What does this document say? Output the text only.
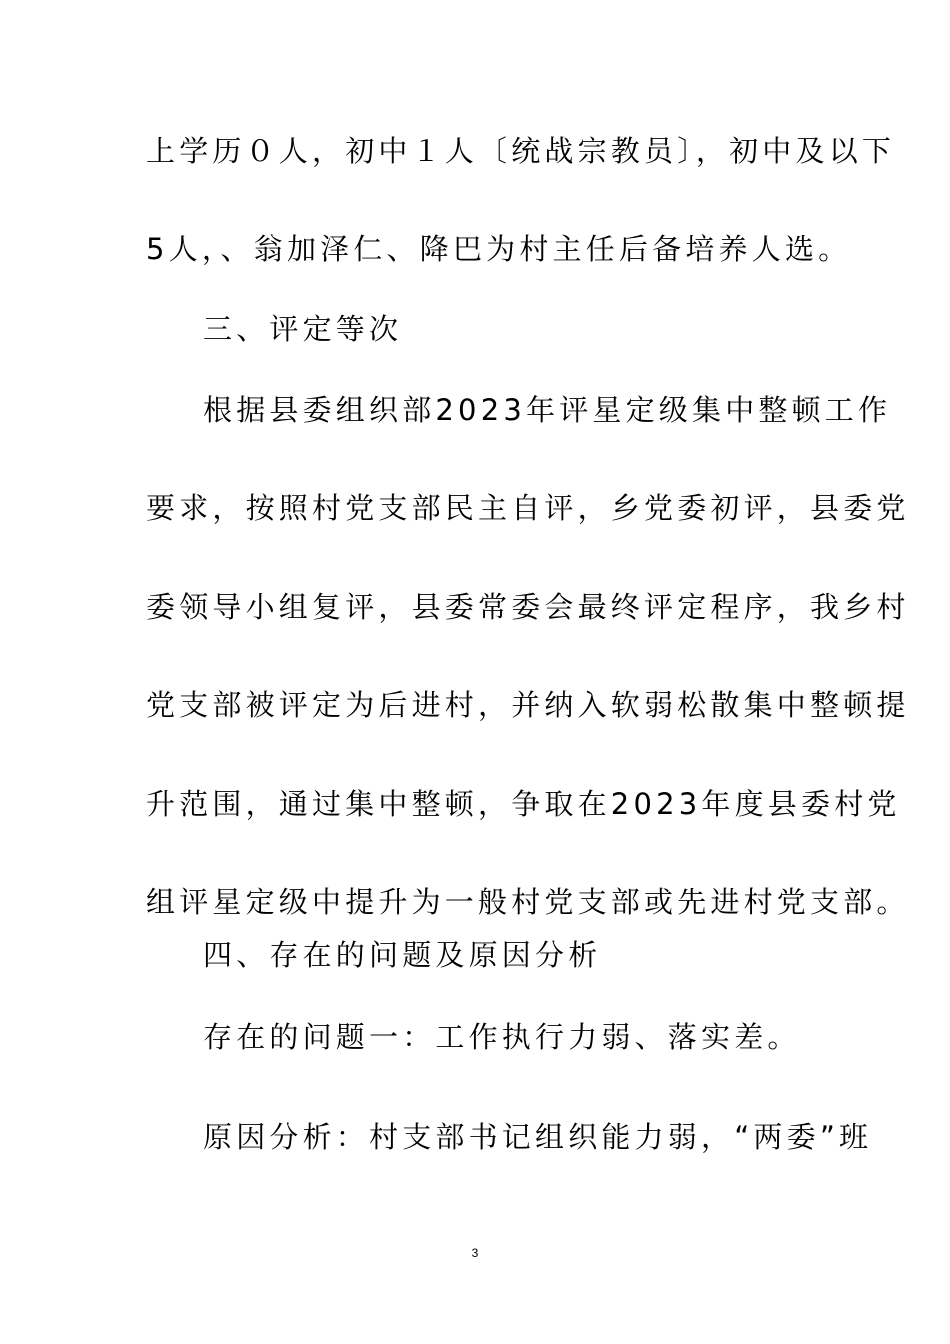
上学历０人，初中１人〔统战宗教员〕，初中及以下
5人，、翁加泽仁、降巴为村主任后备培养人选。
三、评定等次
根据县委组织部2023年评星定级集中整顿工作
要求，按照村党支部民主自评，乡党委初评，县委党
委领导小组复评，县委常委会最终评定程序，我乡村
党支部被评定为后进村，并纳入软弱松散集中整顿提
升范围，通过集中整顿，争取在2023年度县委村党
组评星定级中提升为一般村党支部或先进村党支部。
四、存在的问题及原因分析
存在的问题一：工作执行力弱、落实差。
原因分析：村支部书记组织能力弱，“两委”班
3
